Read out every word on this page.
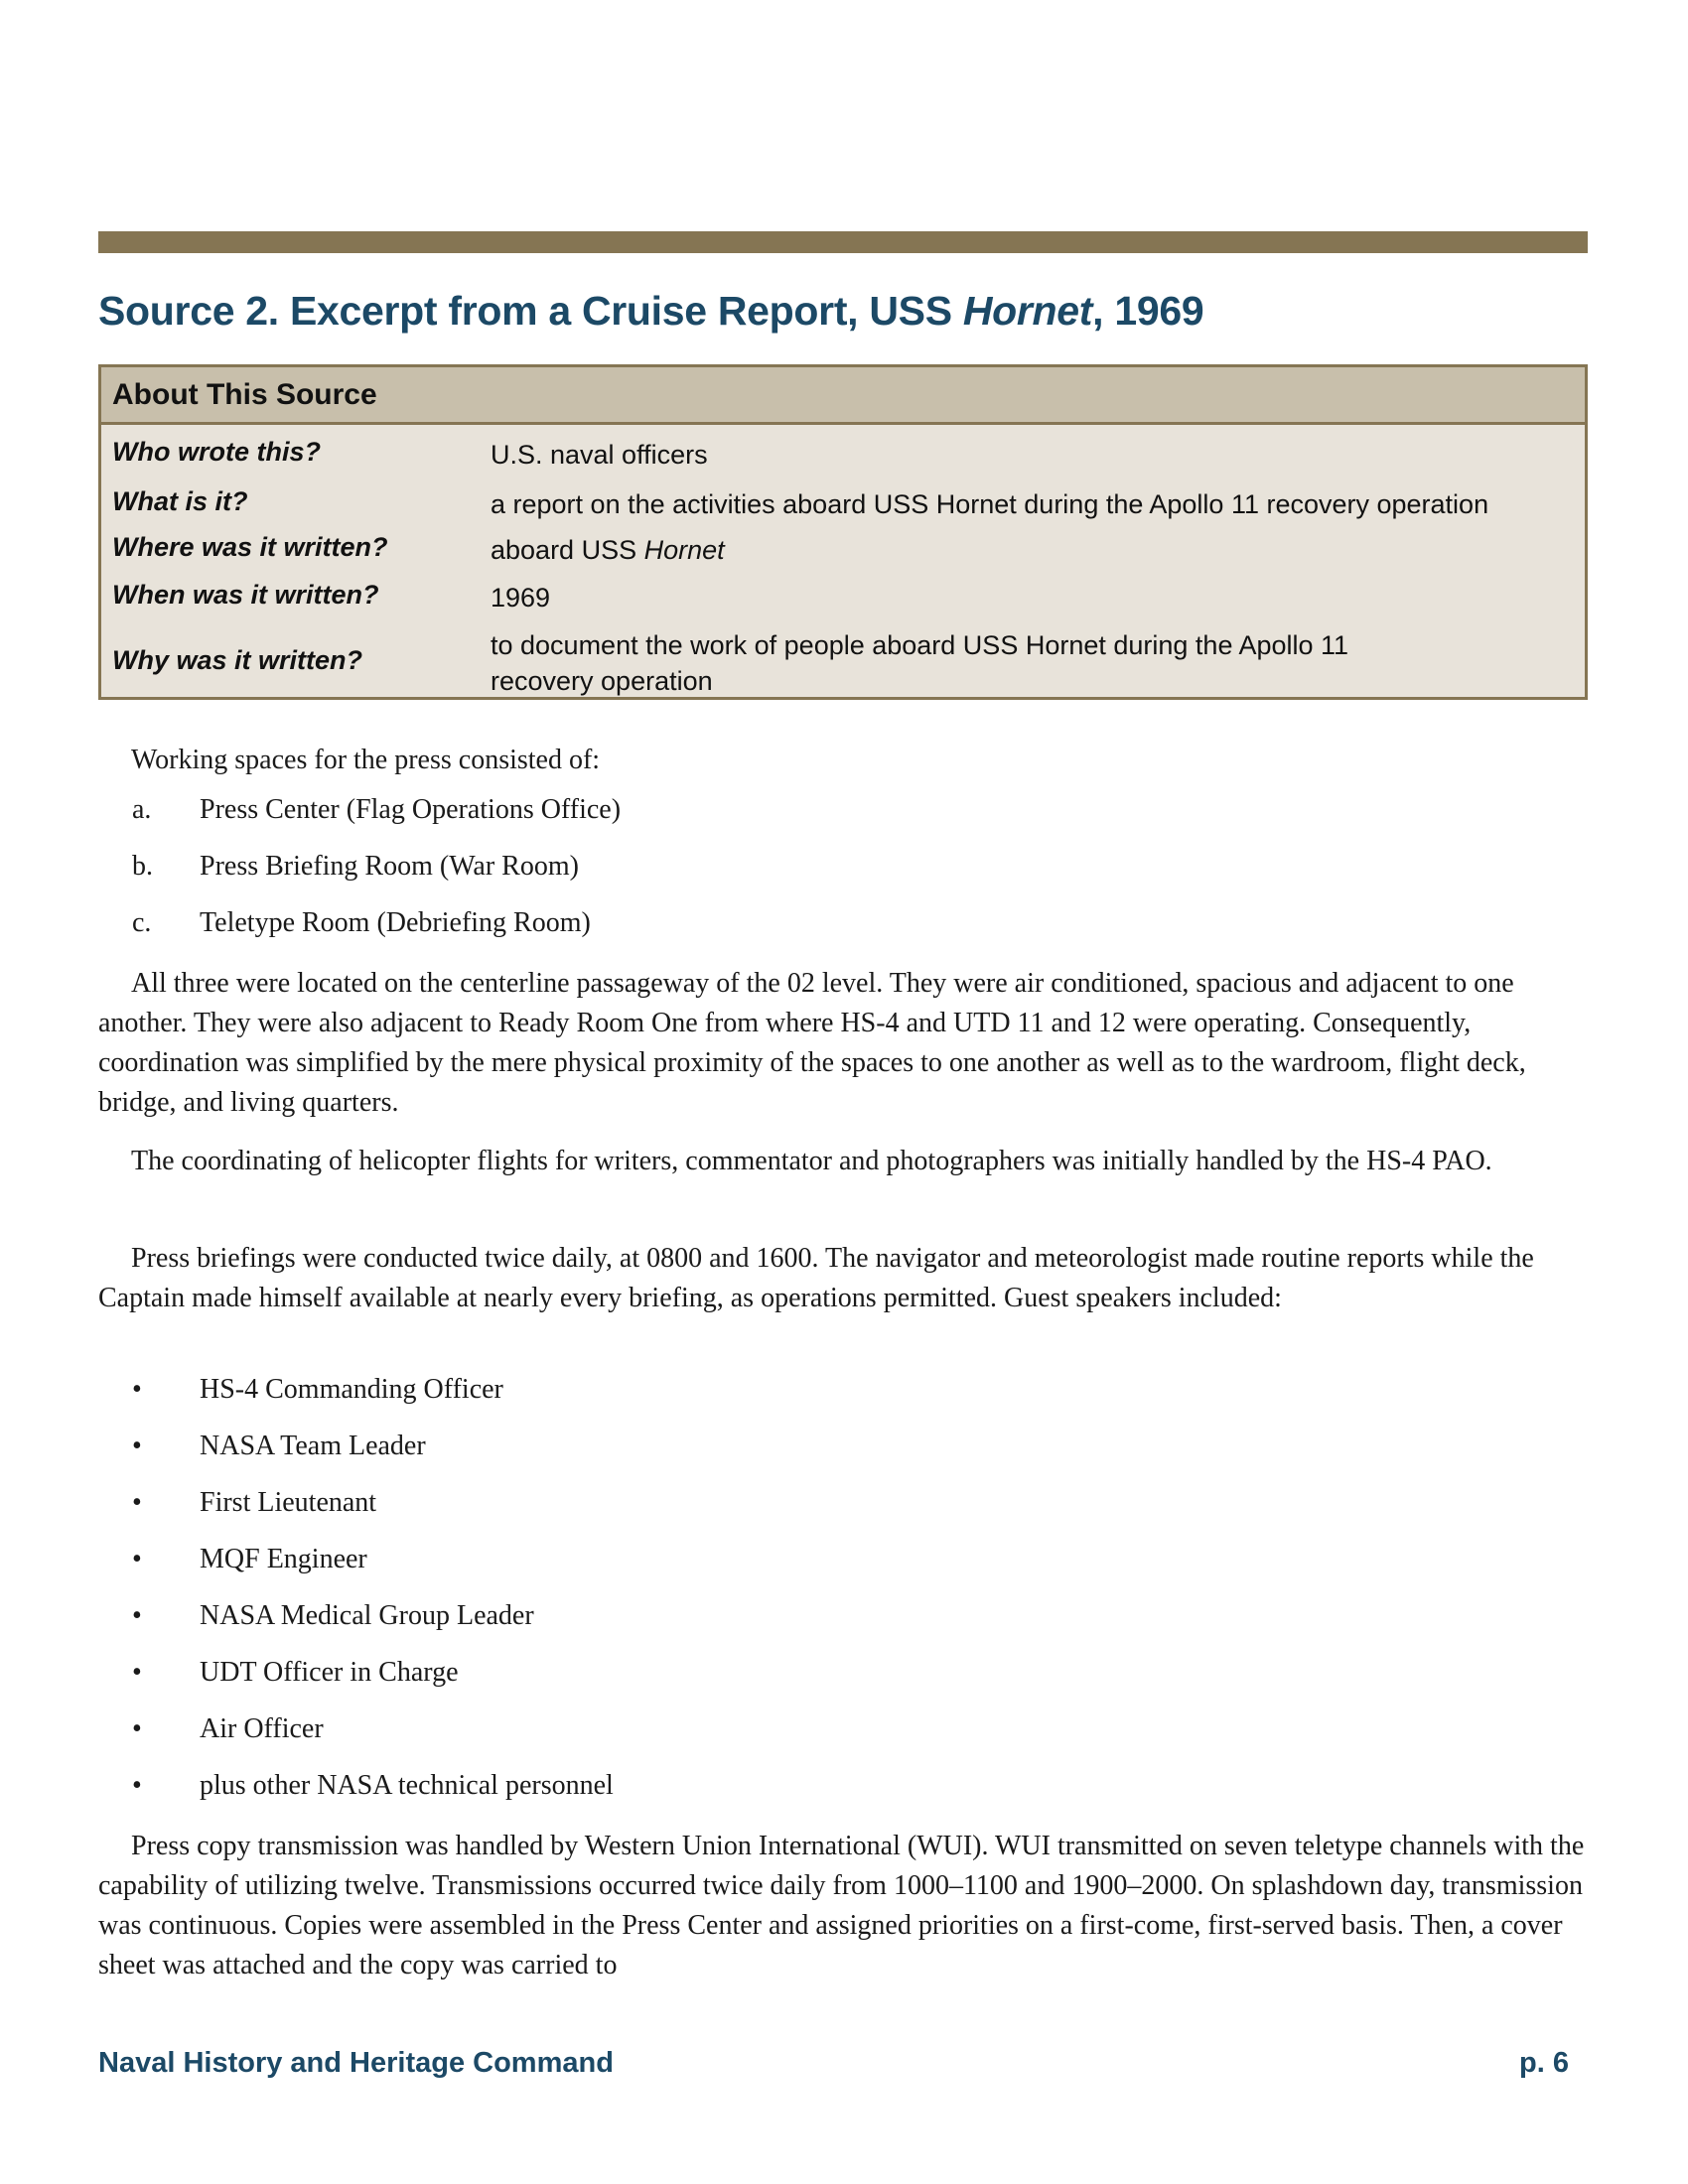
Source 2. Excerpt from a Cruise Report, USS Hornet, 1969
About This Source
Who wrote this?	U.S. naval officers
What is it?	a report on the activities aboard USS Hornet during the Apollo 11 recovery operation
Where was it written?	aboard USS Hornet
When was it written?	1969
Why was it written?	to document the work of people aboard USS Hornet during the Apollo 11
recovery operation

Working spaces for the press consisted of:

a. Press Center (Flag Operations Office)
b. Press Briefing Room (War Room)
c. Teletype Room (Debriefing Room)

All three were located on the centerline passageway of the 02 level. They were air conditioned, spacious and adjacent to one another. They were also adjacent to Ready Room One from where HS-4 and UTD 11 and 12 were operating. Consequently, coordination was simplified by the mere physical proximity of the spaces to one another as well as to the wardroom, flight deck, bridge, and living quarters.

The coordinating of helicopter flights for writers, commentator and photographers was initially handled by the HS-4 PAO.

Press briefings were conducted twice daily, at 0800 and 1600. The navigator and meteorologist made routine reports while the Captain made himself available at nearly every briefing, as operations permitted. Guest speakers included:

• HS-4 Commanding Officer
• NASA Team Leader
• First Lieutenant
• MQF Engineer
• NASA Medical Group Leader
• UDT Officer in Charge
• Air Officer
• plus other NASA technical personnel

Press copy transmission was handled by Western Union International (WUI). WUI transmitted on seven teletype channels with the capability of utilizing twelve. Transmissions occurred twice daily from 1000–1100 and 1900–2000. On splashdown day, transmission was continuous. Copies were assembled in the Press Center and assigned priorities on a first-come, first-served basis. Then, a cover sheet was attached and the copy was carried to

Naval History and Heritage Command	p. 6
